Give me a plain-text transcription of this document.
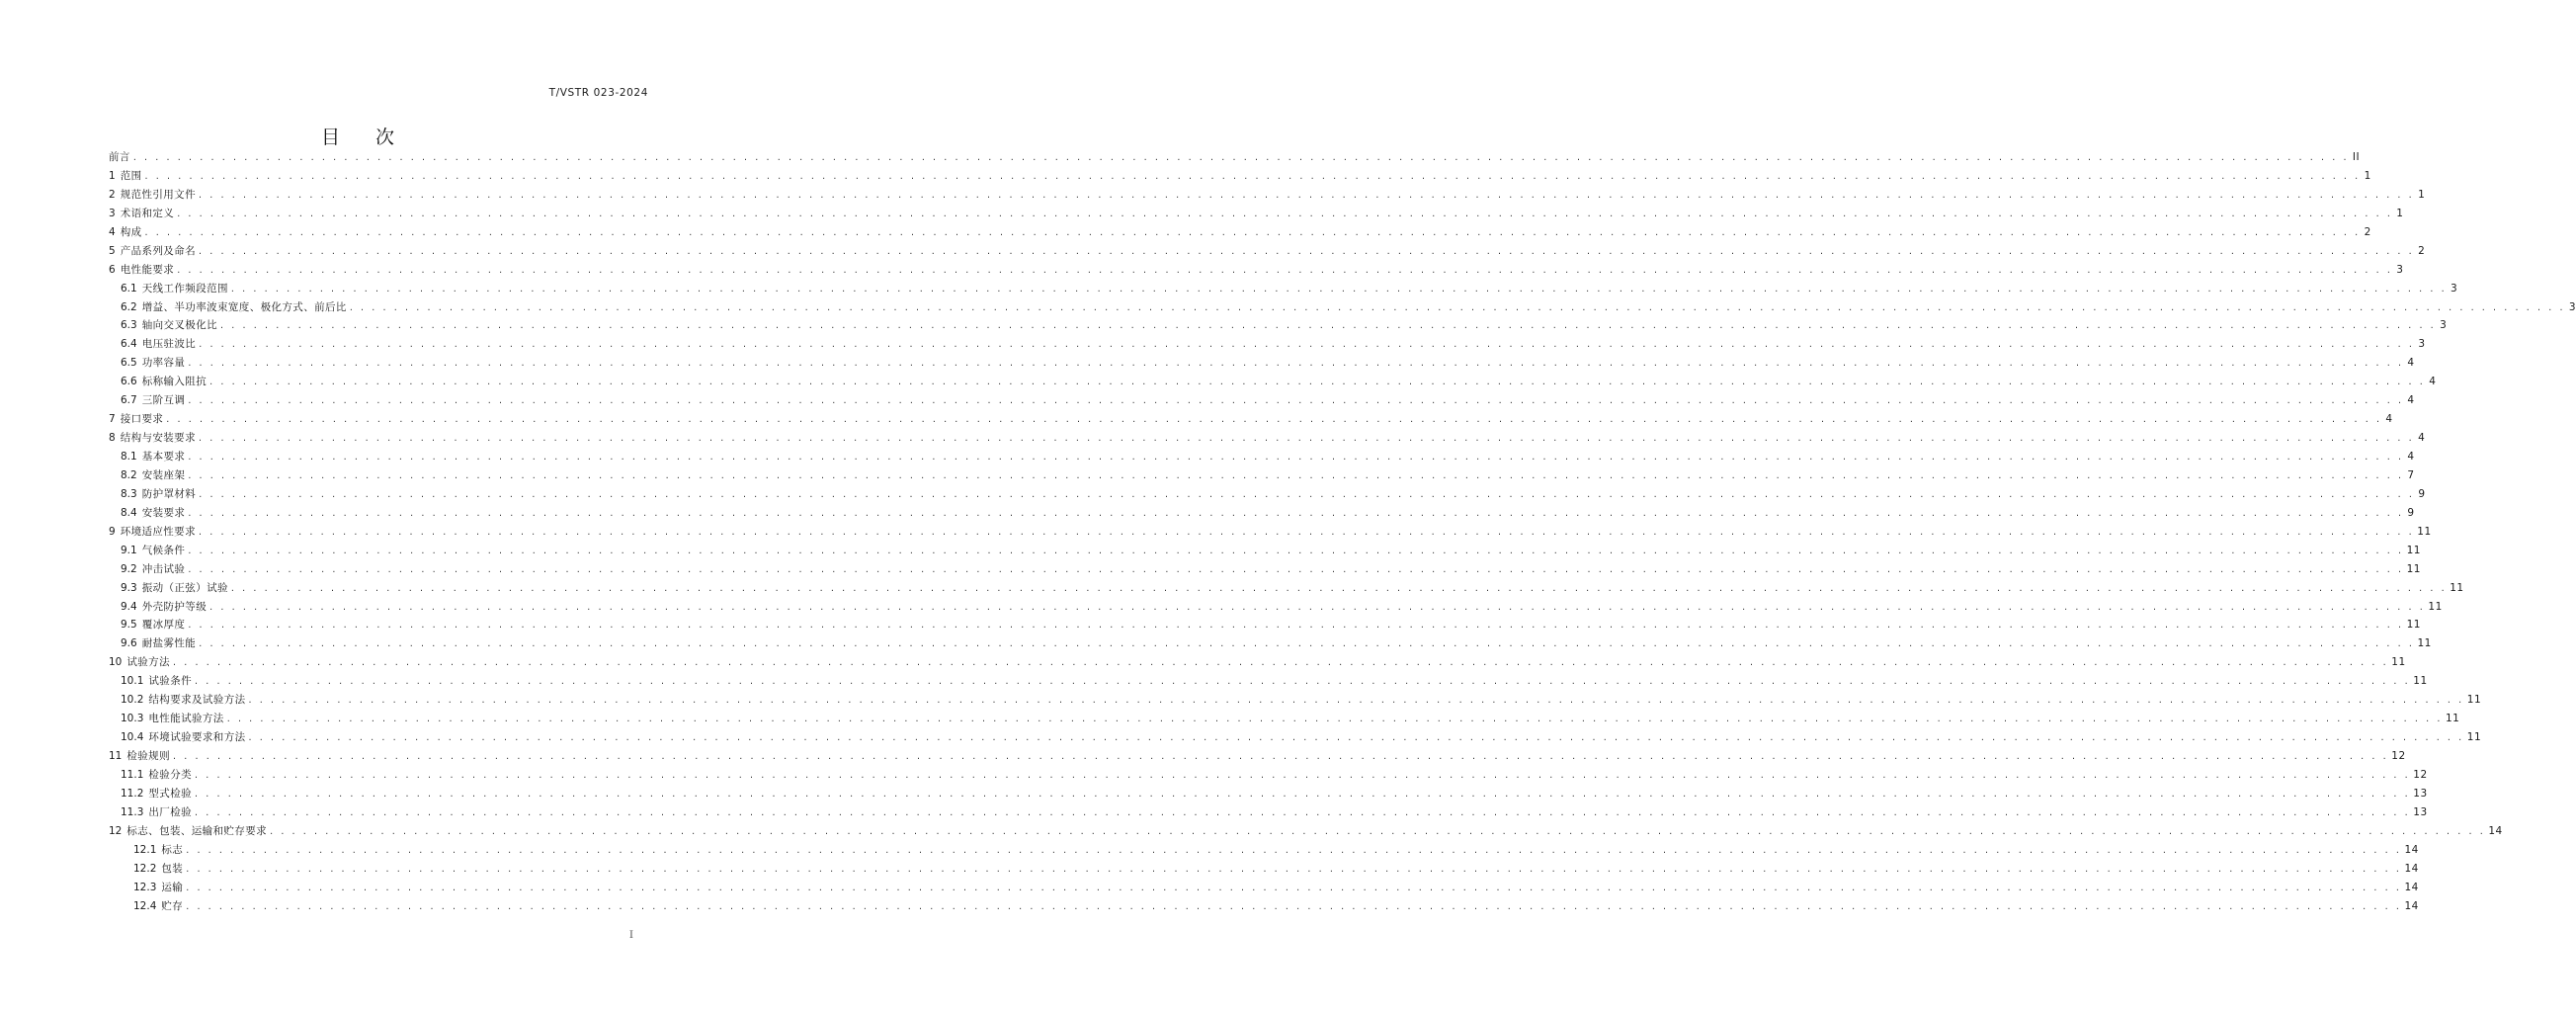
T/VSTR 023-2024
目次
前言 . . . . . . . . . . . . . . . . . . . . . . . . . . . . . . . . . . . . . . . . . . . . . . . . . . . . . . . . . . . . . . . . . . . . . . . . . . . . . . . . . . . . . . . . . . . . . . . . . . . . . . . . . . . . . . . . . . . . . . . . . . . . . . . . . . . . . . . . . . . . . . . . . . . . . . . . . . . . . . . . . . . . . . . . . . . . . . . . . . . . . . . . . . . . . . . . . . . . . . . . II
1 范围 . . . . . . . . . . . . . . . . . . . . . . . . . . . . . . . . . . . . . . . . . . . . . . . . . . . . . . . . . . . . . . . . . . . . . . . . . . . . . . . . . . . . . . . . . . . . . . . . . . . . . . . . . . . . . . . . . . . . . . . . . . . . . . . . . . . . . . . . . . . . . . . . . . . . . . . . . . . . . . . . . . . . . . . . . . . . . . . . . . . . . . . . . . . . . . . . . . . . . . . . 1
2 规范性引用文件 . . . . . . . . . . . . . . . . . . . . . . . . . . . . . . . . . . . . . . . . . . . . . . . . . . . . . . . . . . . . . . . . . . . . . . . . . . . . . . . . . . . . . . . . . . . . . . . . . . . . . . . . . . . . . . . . . . . . . . . . . . . . . . . . . . . . . . . . . . . . . . . . . . . . . . . . . . . . . . . . . . . . . . . . . . . . . . . . . . . . . . . . . . . . . . . . . . . . . . . . 1
3 术语和定义 . . . . . . . . . . . . . . . . . . . . . . . . . . . . . . . . . . . . . . . . . . . . . . . . . . . . . . . . . . . . . . . . . . . . . . . . . . . . . . . . . . . . . . . . . . . . . . . . . . . . . . . . . . . . . . . . . . . . . . . . . . . . . . . . . . . . . . . . . . . . . . . . . . . . . . . . . . . . . . . . . . . . . . . . . . . . . . . . . . . . . . . . . . . . . . . . . . . . . . . . 1
4 构成 . . . . . . . . . . . . . . . . . . . . . . . . . . . . . . . . . . . . . . . . . . . . . . . . . . . . . . . . . . . . . . . . . . . . . . . . . . . . . . . . . . . . . . . . . . . . . . . . . . . . . . . . . . . . . . . . . . . . . . . . . . . . . . . . . . . . . . . . . . . . . . . . . . . . . . . . . . . . . . . . . . . . . . . . . . . . . . . . . . . . . . . . . . . . . . . . . . . . . . . . 2
5 产品系列及命名 . . . . . . . . . . . . . . . . . . . . . . . . . . . . . . . . . . . . . . . . . . . . . . . . . . . . . . . . . . . . . . . . . . . . . . . . . . . . . . . . . . . . . . . . . . . . . . . . . . . . . . . . . . . . . . . . . . . . . . . . . . . . . . . . . . . . . . . . . . . . . . . . . . . . . . . . . . . . . . . . . . . . . . . . . . . . . . . . . . . . . . . . . . . . . . . . . . . . . . . . 2
6 电性能要求 . . . . . . . . . . . . . . . . . . . . . . . . . . . . . . . . . . . . . . . . . . . . . . . . . . . . . . . . . . . . . . . . . . . . . . . . . . . . . . . . . . . . . . . . . . . . . . . . . . . . . . . . . . . . . . . . . . . . . . . . . . . . . . . . . . . . . . . . . . . . . . . . . . . . . . . . . . . . . . . . . . . . . . . . . . . . . . . . . . . . . . . . . . . . . . . . . . . . . . . . 3
6.1 天线工作频段范围 . . . . . . . . . . . . . . . . . . . . . . . . . . . . . . . . . . . . . . . . . . . . . . . . . . . . . . . . . . . . . . . . . . . . . . . . . . . . . . . . . . . . . . . . . . . . . . . . . . . . . . . . . . . . . . . . . . . . . . . . . . . . . . . . . . . . . . . . . . . . . . . . . . . . . . . . . . . . . . . . . . . . . . . . . . . . . . . . . . . . . . . . . . . . . . . . . . . . . . . . 3
6.2 增益、半功率波束宽度、极化方式、前后比 . . . . . . . . . . . . . . . . . . . . . . . . . . . . . . . . . . . . . . . . . . . . . . . . . . . . . . . . . . . . . . . . . . . . . . . . . . . . . . . . . . . . . . . . . . . . . . . . . . . . . . . . . . . . . . . . . . . . . . . . . . . . . . . . . . . . . . . . . . . . . . . . . . . . . . . . . . . . . . . . . . . . . . . . . . . . . . . . . . . . . . . . . . . . . . . . . . . . . . . . 3
6.3 轴向交叉极化比 . . . . . . . . . . . . . . . . . . . . . . . . . . . . . . . . . . . . . . . . . . . . . . . . . . . . . . . . . . . . . . . . . . . . . . . . . . . . . . . . . . . . . . . . . . . . . . . . . . . . . . . . . . . . . . . . . . . . . . . . . . . . . . . . . . . . . . . . . . . . . . . . . . . . . . . . . . . . . . . . . . . . . . . . . . . . . . . . . . . . . . . . . . . . . . . . . . . . . . . . 3
6.4 电压驻波比 . . . . . . . . . . . . . . . . . . . . . . . . . . . . . . . . . . . . . . . . . . . . . . . . . . . . . . . . . . . . . . . . . . . . . . . . . . . . . . . . . . . . . . . . . . . . . . . . . . . . . . . . . . . . . . . . . . . . . . . . . . . . . . . . . . . . . . . . . . . . . . . . . . . . . . . . . . . . . . . . . . . . . . . . . . . . . . . . . . . . . . . . . . . . . . . . . . . . . . . . 3
6.5 功率容量 . . . . . . . . . . . . . . . . . . . . . . . . . . . . . . . . . . . . . . . . . . . . . . . . . . . . . . . . . . . . . . . . . . . . . . . . . . . . . . . . . . . . . . . . . . . . . . . . . . . . . . . . . . . . . . . . . . . . . . . . . . . . . . . . . . . . . . . . . . . . . . . . . . . . . . . . . . . . . . . . . . . . . . . . . . . . . . . . . . . . . . . . . . . . . . . . . . . . . . . . 4
6.6 标称输入阻抗 . . . . . . . . . . . . . . . . . . . . . . . . . . . . . . . . . . . . . . . . . . . . . . . . . . . . . . . . . . . . . . . . . . . . . . . . . . . . . . . . . . . . . . . . . . . . . . . . . . . . . . . . . . . . . . . . . . . . . . . . . . . . . . . . . . . . . . . . . . . . . . . . . . . . . . . . . . . . . . . . . . . . . . . . . . . . . . . . . . . . . . . . . . . . . . . . . . . . . . . . 4
6.7 三阶互调 . . . . . . . . . . . . . . . . . . . . . . . . . . . . . . . . . . . . . . . . . . . . . . . . . . . . . . . . . . . . . . . . . . . . . . . . . . . . . . . . . . . . . . . . . . . . . . . . . . . . . . . . . . . . . . . . . . . . . . . . . . . . . . . . . . . . . . . . . . . . . . . . . . . . . . . . . . . . . . . . . . . . . . . . . . . . . . . . . . . . . . . . . . . . . . . . . . . . . . . . 4
7 接口要求 . . . . . . . . . . . . . . . . . . . . . . . . . . . . . . . . . . . . . . . . . . . . . . . . . . . . . . . . . . . . . . . . . . . . . . . . . . . . . . . . . . . . . . . . . . . . . . . . . . . . . . . . . . . . . . . . . . . . . . . . . . . . . . . . . . . . . . . . . . . . . . . . . . . . . . . . . . . . . . . . . . . . . . . . . . . . . . . . . . . . . . . . . . . . . . . . . . . . . . . . 4
8 结构与安装要求 . . . . . . . . . . . . . . . . . . . . . . . . . . . . . . . . . . . . . . . . . . . . . . . . . . . . . . . . . . . . . . . . . . . . . . . . . . . . . . . . . . . . . . . . . . . . . . . . . . . . . . . . . . . . . . . . . . . . . . . . . . . . . . . . . . . . . . . . . . . . . . . . . . . . . . . . . . . . . . . . . . . . . . . . . . . . . . . . . . . . . . . . . . . . . . . . . . . . . . . . 4
8.1 基本要求 . . . . . . . . . . . . . . . . . . . . . . . . . . . . . . . . . . . . . . . . . . . . . . . . . . . . . . . . . . . . . . . . . . . . . . . . . . . . . . . . . . . . . . . . . . . . . . . . . . . . . . . . . . . . . . . . . . . . . . . . . . . . . . . . . . . . . . . . . . . . . . . . . . . . . . . . . . . . . . . . . . . . . . . . . . . . . . . . . . . . . . . . . . . . . . . . . . . . . . . . 4
8.2 安装座架 . . . . . . . . . . . . . . . . . . . . . . . . . . . . . . . . . . . . . . . . . . . . . . . . . . . . . . . . . . . . . . . . . . . . . . . . . . . . . . . . . . . . . . . . . . . . . . . . . . . . . . . . . . . . . . . . . . . . . . . . . . . . . . . . . . . . . . . . . . . . . . . . . . . . . . . . . . . . . . . . . . . . . . . . . . . . . . . . . . . . . . . . . . . . . . . . . . . . . . . . 7
8.3 防护罩材料 . . . . . . . . . . . . . . . . . . . . . . . . . . . . . . . . . . . . . . . . . . . . . . . . . . . . . . . . . . . . . . . . . . . . . . . . . . . . . . . . . . . . . . . . . . . . . . . . . . . . . . . . . . . . . . . . . . . . . . . . . . . . . . . . . . . . . . . . . . . . . . . . . . . . . . . . . . . . . . . . . . . . . . . . . . . . . . . . . . . . . . . . . . . . . . . . . . . . . . . . 9
8.4 安装要求 . . . . . . . . . . . . . . . . . . . . . . . . . . . . . . . . . . . . . . . . . . . . . . . . . . . . . . . . . . . . . . . . . . . . . . . . . . . . . . . . . . . . . . . . . . . . . . . . . . . . . . . . . . . . . . . . . . . . . . . . . . . . . . . . . . . . . . . . . . . . . . . . . . . . . . . . . . . . . . . . . . . . . . . . . . . . . . . . . . . . . . . . . . . . . . . . . . . . . . . . 9
9 环境适应性要求 . . . . . . . . . . . . . . . . . . . . . . . . . . . . . . . . . . . . . . . . . . . . . . . . . . . . . . . . . . . . . . . . . . . . . . . . . . . . . . . . . . . . . . . . . . . . . . . . . . . . . . . . . . . . . . . . . . . . . . . . . . . . . . . . . . . . . . . . . . . . . . . . . . . . . . . . . . . . . . . . . . . . . . . . . . . . . . . . . . . . . . . . . . . . . . . . . . . . . . . . 11
9.1 气候条件 . . . . . . . . . . . . . . . . . . . . . . . . . . . . . . . . . . . . . . . . . . . . . . . . . . . . . . . . . . . . . . . . . . . . . . . . . . . . . . . . . . . . . . . . . . . . . . . . . . . . . . . . . . . . . . . . . . . . . . . . . . . . . . . . . . . . . . . . . . . . . . . . . . . . . . . . . . . . . . . . . . . . . . . . . . . . . . . . . . . . . . . . . . . . . . . . . . . . . . . . 11
9.2 冲击试验 . . . . . . . . . . . . . . . . . . . . . . . . . . . . . . . . . . . . . . . . . . . . . . . . . . . . . . . . . . . . . . . . . . . . . . . . . . . . . . . . . . . . . . . . . . . . . . . . . . . . . . . . . . . . . . . . . . . . . . . . . . . . . . . . . . . . . . . . . . . . . . . . . . . . . . . . . . . . . . . . . . . . . . . . . . . . . . . . . . . . . . . . . . . . . . . . . . . . . . . . 11
9.3 振动（正弦）试验 . . . . . . . . . . . . . . . . . . . . . . . . . . . . . . . . . . . . . . . . . . . . . . . . . . . . . . . . . . . . . . . . . . . . . . . . . . . . . . . . . . . . . . . . . . . . . . . . . . . . . . . . . . . . . . . . . . . . . . . . . . . . . . . . . . . . . . . . . . . . . . . . . . . . . . . . . . . . . . . . . . . . . . . . . . . . . . . . . . . . . . . . . . . . . . . . . . . . . . . . 11
9.4 外壳防护等级 . . . . . . . . . . . . . . . . . . . . . . . . . . . . . . . . . . . . . . . . . . . . . . . . . . . . . . . . . . . . . . . . . . . . . . . . . . . . . . . . . . . . . . . . . . . . . . . . . . . . . . . . . . . . . . . . . . . . . . . . . . . . . . . . . . . . . . . . . . . . . . . . . . . . . . . . . . . . . . . . . . . . . . . . . . . . . . . . . . . . . . . . . . . . . . . . . . . . . . . . 11
9.5 覆冰厚度 . . . . . . . . . . . . . . . . . . . . . . . . . . . . . . . . . . . . . . . . . . . . . . . . . . . . . . . . . . . . . . . . . . . . . . . . . . . . . . . . . . . . . . . . . . . . . . . . . . . . . . . . . . . . . . . . . . . . . . . . . . . . . . . . . . . . . . . . . . . . . . . . . . . . . . . . . . . . . . . . . . . . . . . . . . . . . . . . . . . . . . . . . . . . . . . . . . . . . . . . 11
9.6 耐盐雾性能 . . . . . . . . . . . . . . . . . . . . . . . . . . . . . . . . . . . . . . . . . . . . . . . . . . . . . . . . . . . . . . . . . . . . . . . . . . . . . . . . . . . . . . . . . . . . . . . . . . . . . . . . . . . . . . . . . . . . . . . . . . . . . . . . . . . . . . . . . . . . . . . . . . . . . . . . . . . . . . . . . . . . . . . . . . . . . . . . . . . . . . . . . . . . . . . . . . . . . . . . 11
10 试验方法 . . . . . . . . . . . . . . . . . . . . . . . . . . . . . . . . . . . . . . . . . . . . . . . . . . . . . . . . . . . . . . . . . . . . . . . . . . . . . . . . . . . . . . . . . . . . . . . . . . . . . . . . . . . . . . . . . . . . . . . . . . . . . . . . . . . . . . . . . . . . . . . . . . . . . . . . . . . . . . . . . . . . . . . . . . . . . . . . . . . . . . . . . . . . . . . . . . . . . . . . 11
10.1 试验条件 . . . . . . . . . . . . . . . . . . . . . . . . . . . . . . . . . . . . . . . . . . . . . . . . . . . . . . . . . . . . . . . . . . . . . . . . . . . . . . . . . . . . . . . . . . . . . . . . . . . . . . . . . . . . . . . . . . . . . . . . . . . . . . . . . . . . . . . . . . . . . . . . . . . . . . . . . . . . . . . . . . . . . . . . . . . . . . . . . . . . . . . . . . . . . . . . . . . . . . . . 11
10.2 结构要求及试验方法 . . . . . . . . . . . . . . . . . . . . . . . . . . . . . . . . . . . . . . . . . . . . . . . . . . . . . . . . . . . . . . . . . . . . . . . . . . . . . . . . . . . . . . . . . . . . . . . . . . . . . . . . . . . . . . . . . . . . . . . . . . . . . . . . . . . . . . . . . . . . . . . . . . . . . . . . . . . . . . . . . . . . . . . . . . . . . . . . . . . . . . . . . . . . . . . . . . . . . . . . 11
10.3 电性能试验方法 . . . . . . . . . . . . . . . . . . . . . . . . . . . . . . . . . . . . . . . . . . . . . . . . . . . . . . . . . . . . . . . . . . . . . . . . . . . . . . . . . . . . . . . . . . . . . . . . . . . . . . . . . . . . . . . . . . . . . . . . . . . . . . . . . . . . . . . . . . . . . . . . . . . . . . . . . . . . . . . . . . . . . . . . . . . . . . . . . . . . . . . . . . . . . . . . . . . . . . . . 11
10.4 环境试验要求和方法 . . . . . . . . . . . . . . . . . . . . . . . . . . . . . . . . . . . . . . . . . . . . . . . . . . . . . . . . . . . . . . . . . . . . . . . . . . . . . . . . . . . . . . . . . . . . . . . . . . . . . . . . . . . . . . . . . . . . . . . . . . . . . . . . . . . . . . . . . . . . . . . . . . . . . . . . . . . . . . . . . . . . . . . . . . . . . . . . . . . . . . . . . . . . . . . . . . . . . . . . 11
11 检验规则 . . . . . . . . . . . . . . . . . . . . . . . . . . . . . . . . . . . . . . . . . . . . . . . . . . . . . . . . . . . . . . . . . . . . . . . . . . . . . . . . . . . . . . . . . . . . . . . . . . . . . . . . . . . . . . . . . . . . . . . . . . . . . . . . . . . . . . . . . . . . . . . . . . . . . . . . . . . . . . . . . . . . . . . . . . . . . . . . . . . . . . . . . . . . . . . . . . . . . . . . 12
11.1 检验分类 . . . . . . . . . . . . . . . . . . . . . . . . . . . . . . . . . . . . . . . . . . . . . . . . . . . . . . . . . . . . . . . . . . . . . . . . . . . . . . . . . . . . . . . . . . . . . . . . . . . . . . . . . . . . . . . . . . . . . . . . . . . . . . . . . . . . . . . . . . . . . . . . . . . . . . . . . . . . . . . . . . . . . . . . . . . . . . . . . . . . . . . . . . . . . . . . . . . . . . . . 12
11.2 型式检验 . . . . . . . . . . . . . . . . . . . . . . . . . . . . . . . . . . . . . . . . . . . . . . . . . . . . . . . . . . . . . . . . . . . . . . . . . . . . . . . . . . . . . . . . . . . . . . . . . . . . . . . . . . . . . . . . . . . . . . . . . . . . . . . . . . . . . . . . . . . . . . . . . . . . . . . . . . . . . . . . . . . . . . . . . . . . . . . . . . . . . . . . . . . . . . . . . . . . . . . . 13
11.3 出厂检验 . . . . . . . . . . . . . . . . . . . . . . . . . . . . . . . . . . . . . . . . . . . . . . . . . . . . . . . . . . . . . . . . . . . . . . . . . . . . . . . . . . . . . . . . . . . . . . . . . . . . . . . . . . . . . . . . . . . . . . . . . . . . . . . . . . . . . . . . . . . . . . . . . . . . . . . . . . . . . . . . . . . . . . . . . . . . . . . . . . . . . . . . . . . . . . . . . . . . . . . . 13
12 标志、包装、运输和贮存要求 . . . . . . . . . . . . . . . . . . . . . . . . . . . . . . . . . . . . . . . . . . . . . . . . . . . . . . . . . . . . . . . . . . . . . . . . . . . . . . . . . . . . . . . . . . . . . . . . . . . . . . . . . . . . . . . . . . . . . . . . . . . . . . . . . . . . . . . . . . . . . . . . . . . . . . . . . . . . . . . . . . . . . . . . . . . . . . . . . . . . . . . . . . . . . . . . . . . . . . . . 14
12.1 标志 . . . . . . . . . . . . . . . . . . . . . . . . . . . . . . . . . . . . . . . . . . . . . . . . . . . . . . . . . . . . . . . . . . . . . . . . . . . . . . . . . . . . . . . . . . . . . . . . . . . . . . . . . . . . . . . . . . . . . . . . . . . . . . . . . . . . . . . . . . . . . . . . . . . . . . . . . . . . . . . . . . . . . . . . . . . . . . . . . . . . . . . . . . . . . . . . . . . . . . . . 14
12.2 包装 . . . . . . . . . . . . . . . . . . . . . . . . . . . . . . . . . . . . . . . . . . . . . . . . . . . . . . . . . . . . . . . . . . . . . . . . . . . . . . . . . . . . . . . . . . . . . . . . . . . . . . . . . . . . . . . . . . . . . . . . . . . . . . . . . . . . . . . . . . . . . . . . . . . . . . . . . . . . . . . . . . . . . . . . . . . . . . . . . . . . . . . . . . . . . . . . . . . . . . . . 14
12.3 运输 . . . . . . . . . . . . . . . . . . . . . . . . . . . . . . . . . . . . . . . . . . . . . . . . . . . . . . . . . . . . . . . . . . . . . . . . . . . . . . . . . . . . . . . . . . . . . . . . . . . . . . . . . . . . . . . . . . . . . . . . . . . . . . . . . . . . . . . . . . . . . . . . . . . . . . . . . . . . . . . . . . . . . . . . . . . . . . . . . . . . . . . . . . . . . . . . . . . . . . . . 14
12.4 贮存 . . . . . . . . . . . . . . . . . . . . . . . . . . . . . . . . . . . . . . . . . . . . . . . . . . . . . . . . . . . . . . . . . . . . . . . . . . . . . . . . . . . . . . . . . . . . . . . . . . . . . . . . . . . . . . . . . . . . . . . . . . . . . . . . . . . . . . . . . . . . . . . . . . . . . . . . . . . . . . . . . . . . . . . . . . . . . . . . . . . . . . . . . . . . . . . . . . . . . . . . 14
I
